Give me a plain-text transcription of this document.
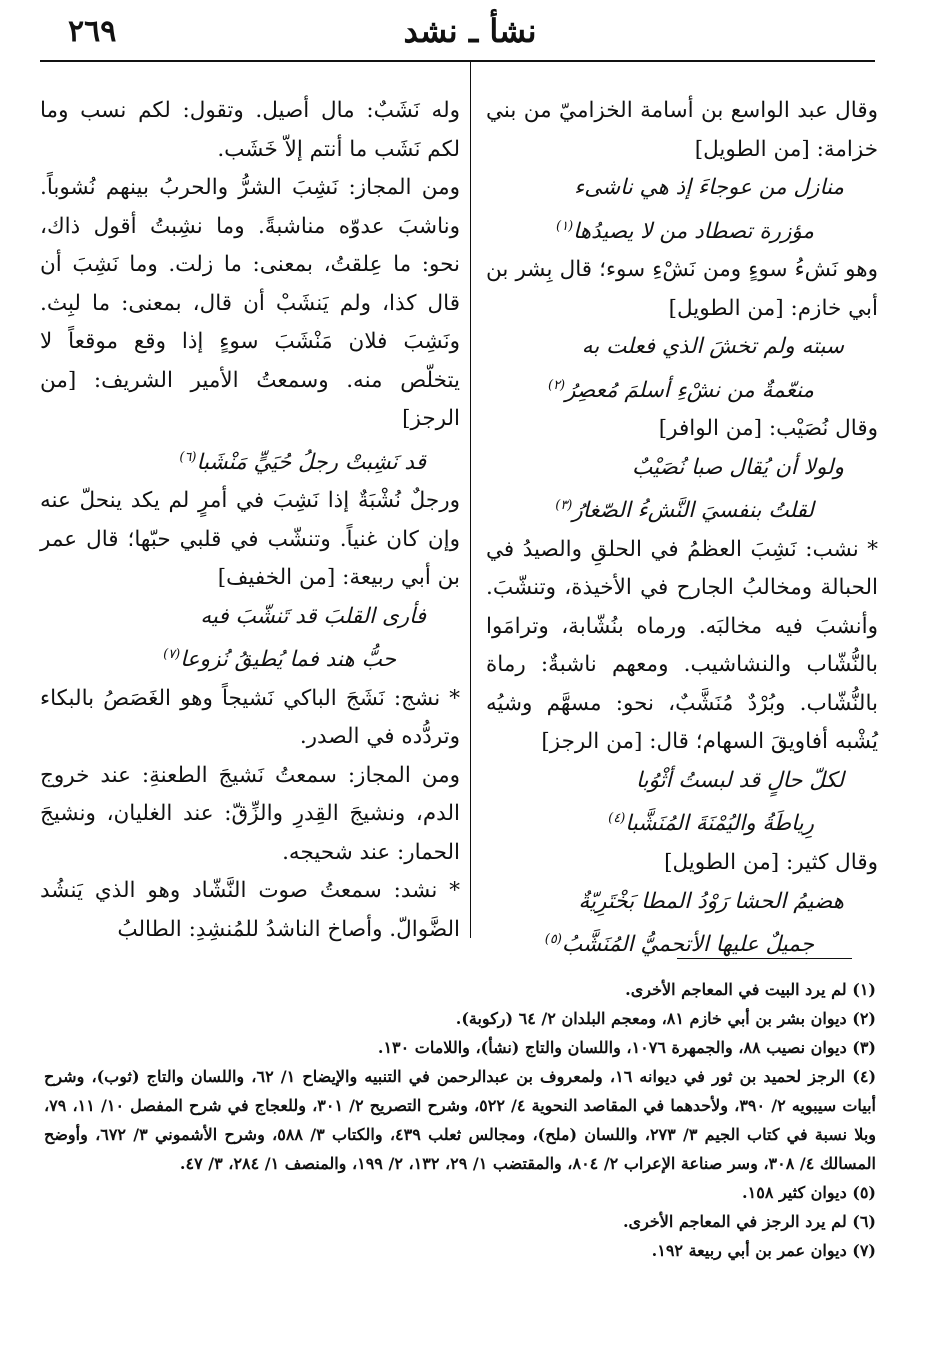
٢٦٩	نشأ ـ نشد

وقال عبد الواسع بن أسامة الخزاميّ من بني خزامة: [من الطويل]

منازل من عوجاءَ إذ هي ناشىء

مؤزرة تصطاد من لا يصيدُها$^{(١)}$

وهو نَشءُ سوءٍ ومن نَشْءِ سوء؛ قال بِشر بن أبي خازم: [من الطويل]

سبته ولم تخشَ الذي فعلت به

منعّمةٌ من نشْءِ أسلمَ مُعصِرُ$^{(٢)}$

وقال نُصَيْب: [من الوافر]

ولولا أن يُقال صبا نُصَيْبٌ

لقلتُ بنفسيَ النَّشءُ الصّغارُ$^{(٣)}$

* نشب: نَشِبَ العظمُ في الحلقِ والصيدُ في الحبالة ومخالبُ الجارح في الأخيذة، وتنشّبَ. وأنشبَ فيه مخالبَه. ورماه بنُشّابة، وترامَوا بالنُّشّاب والنشاشيب. ومعهم ناشبةٌ: رماة بالنُّشّاب. وبُرْدٌ مُنَشَّبٌ، نحو: مسهَّم وشيُه يُشْبه أفاويقَ السهام؛ قال: [من الرجز]

لكلّ حالٍ قد لبستُ أثْوُبا

رِياطَةُ واليُمْنَةَ المُنَشَّبا$^{(٤)}$

وقال كثير: [من الطويل]

هضيمُ الحشا رَوْدُ المطا بَخْتَرِيّةٌ

جميلٌ عليها الأتحميُّ المُنَشَّبُ$^{(٥)}$

وله نَشَبٌ: مال أصيل. وتقول: لكم نسب وما لكم نَشَب ما أنتم إلاّ خَشَب.

ومن المجاز: نَشِبَ الشرُّ والحربُ بينهم نُشوباً. وناشبَ عدوّه مناشبةً. وما نشِبتُ أقول ذاك، نحو: ما عِلقتُ، بمعنى: ما زلت. وما نَشِبَ أن قال كذا، ولم يَنشَبْ أن قال، بمعنى: ما لبِث. ونَشِبَ فلان مَنْشَبَ سوءٍ إذا وقع موقعاً لا يتخلّص منه. وسمعتُ الأمير الشريف: [من الرجز]

قد نَشِبتْ رجلُ حُيَيٍّ مَنْشَبا$^{(٦)}$

ورجلٌ نُشْبَةٌ إذا نَشِبَ في أمرٍ لم يكد ينحلّ عنه وإن كان غنياً. وتنشّب في قلبي حبّها؛ قال عمر بن أبي ربيعة: [من الخفيف]

فأرى القلبَ قد تَنشّبَ فيه

حبُّ هند فما يُطيقُ نُزوعا$^{(٧)}$

* نشج: نَشَجَ الباكي نَشيجاً وهو الغَصَصُ بالبكاء وتردُّده في الصدر.

ومن المجاز: سمعتُ نَشيجَ الطعنةِ: عند خروج الدم، ونشيجَ القِدرِ والزِّقّ: عند الغليان، ونشيجَ الحمار: عند شحيجه.

* نشد: سمعتُ صوت النَّشّاد وهو الذي يَنشُد الضَّوالّ. وأصاخ الناشدُ للمُنشِدِ: الطالبُ

(١) لم يرد البيت في المعاجم الأخرى.

(٢) ديوان بشر بن أبي خازم ٨١، ومعجم البلدان ٢/ ٦٤ (ركوبة).

(٣) ديوان نصيب ٨٨، والجمهرة ١٠٧٦، واللسان والتاج (نشأ)، واللامات ١٣٠.

(٤) الرجز لحميد بن ثور في ديوانه ١٦، ولمعروف بن عبدالرحمن في التنبيه والإيضاح ١/ ٦٢، واللسان والتاج (ثوب)، وشرح أبيات سيبويه ٢/ ٣٩٠، ولأحدهما في المقاصد النحوية ٤/ ٥٢٢، وشرح التصريح ٢/ ٣٠١، وللعجاج في شرح المفصل ١٠/ ١١، ٧٩، وبلا نسبة في كتاب الجيم ٣/ ٢٧٣، واللسان (ملح)، ومجالس ثعلب ٤٣٩، والكتاب ٣/ ٥٨٨، وشرح الأشموني ٣/ ٦٧٢، وأوضح المسالك ٤/ ٣٠٨، وسر صناعة الإعراب ٢/ ٨٠٤، والمقتضب ١/ ٢٩، ١٣٢، ٢/ ١٩٩، والمنصف ١/ ٢٨٤، ٣/ ٤٧.

(٥) ديوان كثير ١٥٨.

(٦) لم يرد الرجز في المعاجم الأخرى.

(٧) ديوان عمر بن أبي ربيعة ١٩٢.
